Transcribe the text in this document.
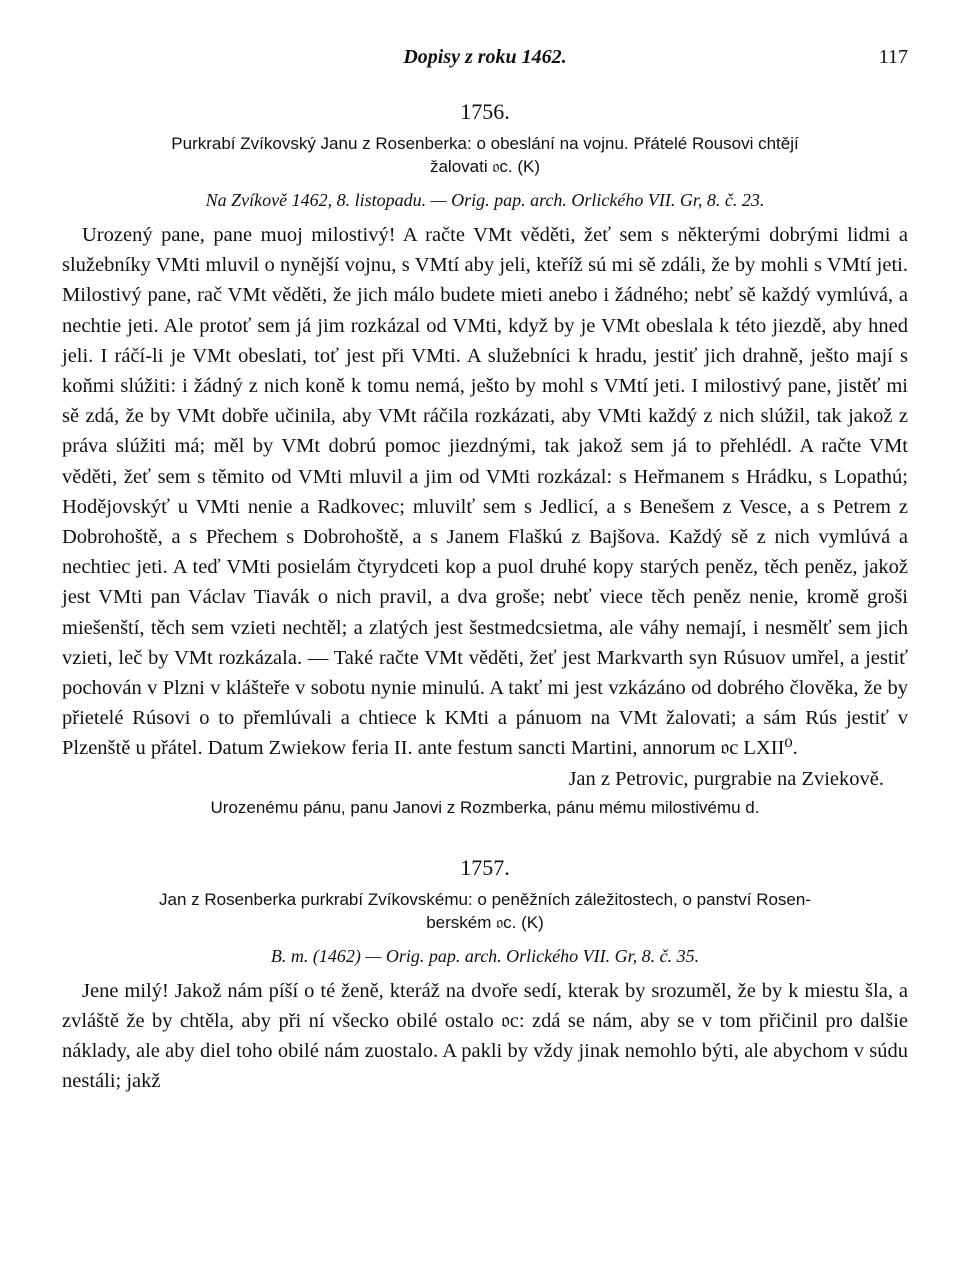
Dopisy z roku 1462.	117
1756.
Purkrabí Zvíkovský Janu z Rosenberka: o obeslání na vojnu. Přátelé Rousovi chtějí
žalovati 𝔬c. (K)
Na Zvíkově 1462, 8. listopadu. — Orig. pap. arch. Orlického VII. Gr, 8. č. 23.

Urozený pane, pane muoj milostivý! A račte VMt věděti, žeť sem s některými dobrými lidmi a služebníky VMti mluvil o nynější vojnu, s VMtí aby jeli, kteříž sú mi sě zdáli, že by mohli s VMtí jeti. Milostivý pane, rač VMt věděti, že jich málo budete mieti anebo i žádného; nebť sě každý vymlúvá, a nechtie jeti. Ale protoť sem já jim rozkázal od VMti, když by je VMt obeslala k této jiezdě, aby hned jeli. I ráčí-li je VMt obeslati, toť jest při VMti. A služebníci k hradu, jestiť jich drahně, ješto mají s koňmi slúžiti: i žádný z nich koně k tomu nemá, ješto by mohl s VMtí jeti. I milostivý pane, jistěť mi sě zdá, že by VMt dobře učinila, aby VMt ráčila rozkázati, aby VMti každý z nich slúžil, tak jakož z práva slúžiti má; měl by VMt dobrú pomoc jiezdnými, tak jakož sem já to přehlédl. A račte VMt věděti, žeť sem s těmito od VMti mluvil a jim od VMti rozkázal: s Heřmanem s Hrádku, s Lopathú; Hodějovskýť u VMti nenie a Radkovec; mluvilť sem s Jedlicí, a s Benešem z Vesce, a s Petrem z Dobrohoště, a s Přechem s Dobrohoště, a s Janem Flaškú z Bajšova. Každý sě z nich vymlúvá a nechtiec jeti. A teď VMti posielám čtyrydceti kop a puol druhé kopy starých peněz, těch peněz, jakož jest VMti pan Václav Tiavák o nich pravil, a dva groše; nebť viece těch peněz nenie, kromě groši miešenští, těch sem vzieti nechtěl; a zlatých jest šestmedcsietma, ale váhy nemají, i nesmělť sem jich vzieti, leč by VMt rozkázala. — Také račte VMt věděti, žeť jest Markvarth syn Rúsuov umřel, a jestiť pochován v Plzni v klášteře v sobotu nynie minulú. A takť mi jest vzkázáno od dobrého člověka, že by přietelé Rúsovi o to přemlúvali a chtiece k KMti a pánuom na VMt žalovati; a sám Rús jestiť v Plzenště u přátel. Datum Zwiekow feria II. ante festum sancti Martini, annorum 𝔬c LXII⁰.

Jan z Petrovic, purgrabie na Zviekově.
Urozenému pánu, panu Janovi z Rozmberka, pánu mému milostivému d.
1757.
Jan z Rosenberka purkrabí Zvíkovskému: o peněžních záležitostech, o panství Rosen-
berském 𝔬c. (K)
B. m. (1462) — Orig. pap. arch. Orlického VII. Gr, 8. č. 35.

Jene milý! Jakož nám píší o té ženě, kteráž na dvoře sedí, kterak by srozuměl, že by k miestu šla, a zvláště že by chtěla, aby při ní všecko obilé ostalo 𝔬c: zdá se nám, aby se v tom přičinil pro dalšie náklady, ale aby diel toho obilé nám zuostalo. A pakli by vždy jinak nemohlo býti, ale abychom v súdu nestáli; jakž
